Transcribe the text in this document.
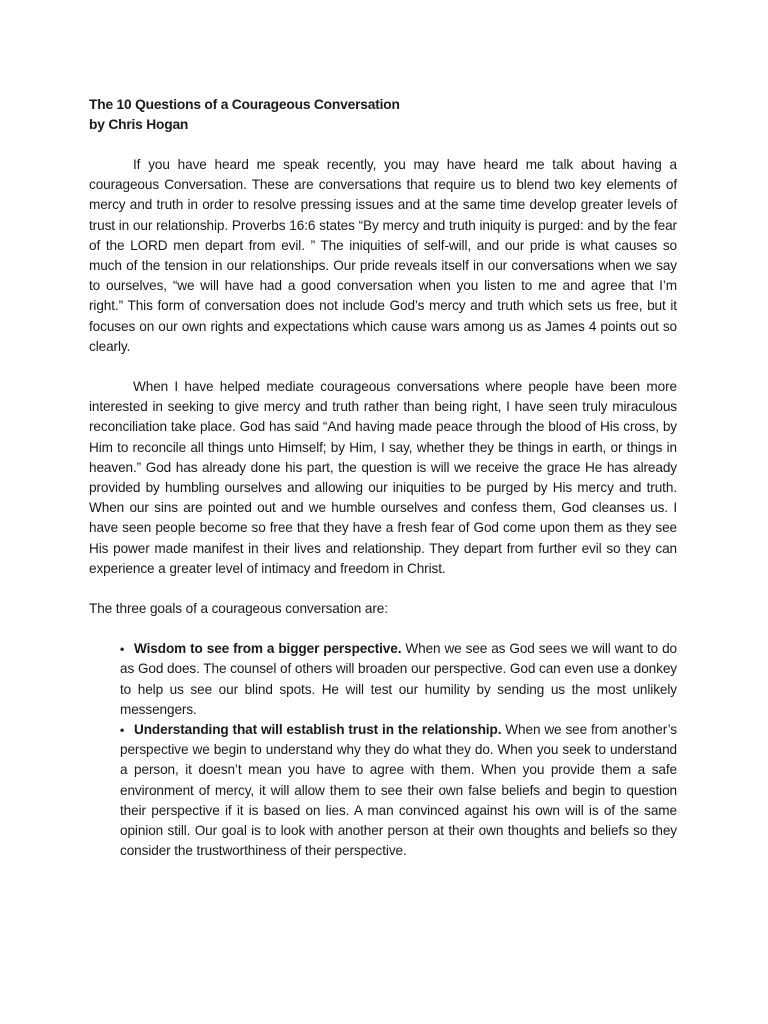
The 10 Questions of a Courageous Conversation
by Chris Hogan

If you have heard me speak recently, you may have heard me talk about having a courageous Conversation. These are conversations that require us to blend two key elements of mercy and truth in order to resolve pressing issues and at the same time develop greater levels of trust in our relationship. Proverbs 16:6 states “By mercy and truth iniquity is purged: and by the fear of the LORD men depart from evil. ” The iniquities of self-will, and our pride is what causes so much of the tension in our relationships. Our pride reveals itself in our conversations when we say to ourselves, “we will have had a good conversation when you listen to me and agree that I’m right.” This form of conversation does not include God’s mercy and truth which sets us free, but it focuses on our own rights and expectations which cause wars among us as James 4 points out so clearly.

When I have helped mediate courageous conversations where people have been more interested in seeking to give mercy and truth rather than being right, I have seen truly miraculous reconciliation take place. God has said “And having made peace through the blood of His cross, by Him to reconcile all things unto Himself; by Him, I say, whether they be things in earth, or things in heaven.” God has already done his part, the question is will we receive the grace He has already provided by humbling ourselves and allowing our iniquities to be purged by His mercy and truth. When our sins are pointed out and we humble ourselves and confess them, God cleanses us. I have seen people become so free that they have a fresh fear of God come upon them as they see His power made manifest in their lives and relationship. They depart from further evil so they can experience a greater level of intimacy and freedom in Christ.

The three goals of a courageous conversation are:

• Wisdom to see from a bigger perspective. When we see as God sees we will want to do as God does. The counsel of others will broaden our perspective. God can even use a donkey to help us see our blind spots. He will test our humility by sending us the most unlikely messengers.

• Understanding that will establish trust in the relationship. When we see from another’s perspective we begin to understand why they do what they do. When you seek to understand a person, it doesn’t mean you have to agree with them. When you provide them a safe environment of mercy, it will allow them to see their own false beliefs and begin to question their perspective if it is based on lies. A man convinced against his own will is of the same opinion still. Our goal is to look with another person at their own thoughts and beliefs so they consider the trustworthiness of their perspective.
